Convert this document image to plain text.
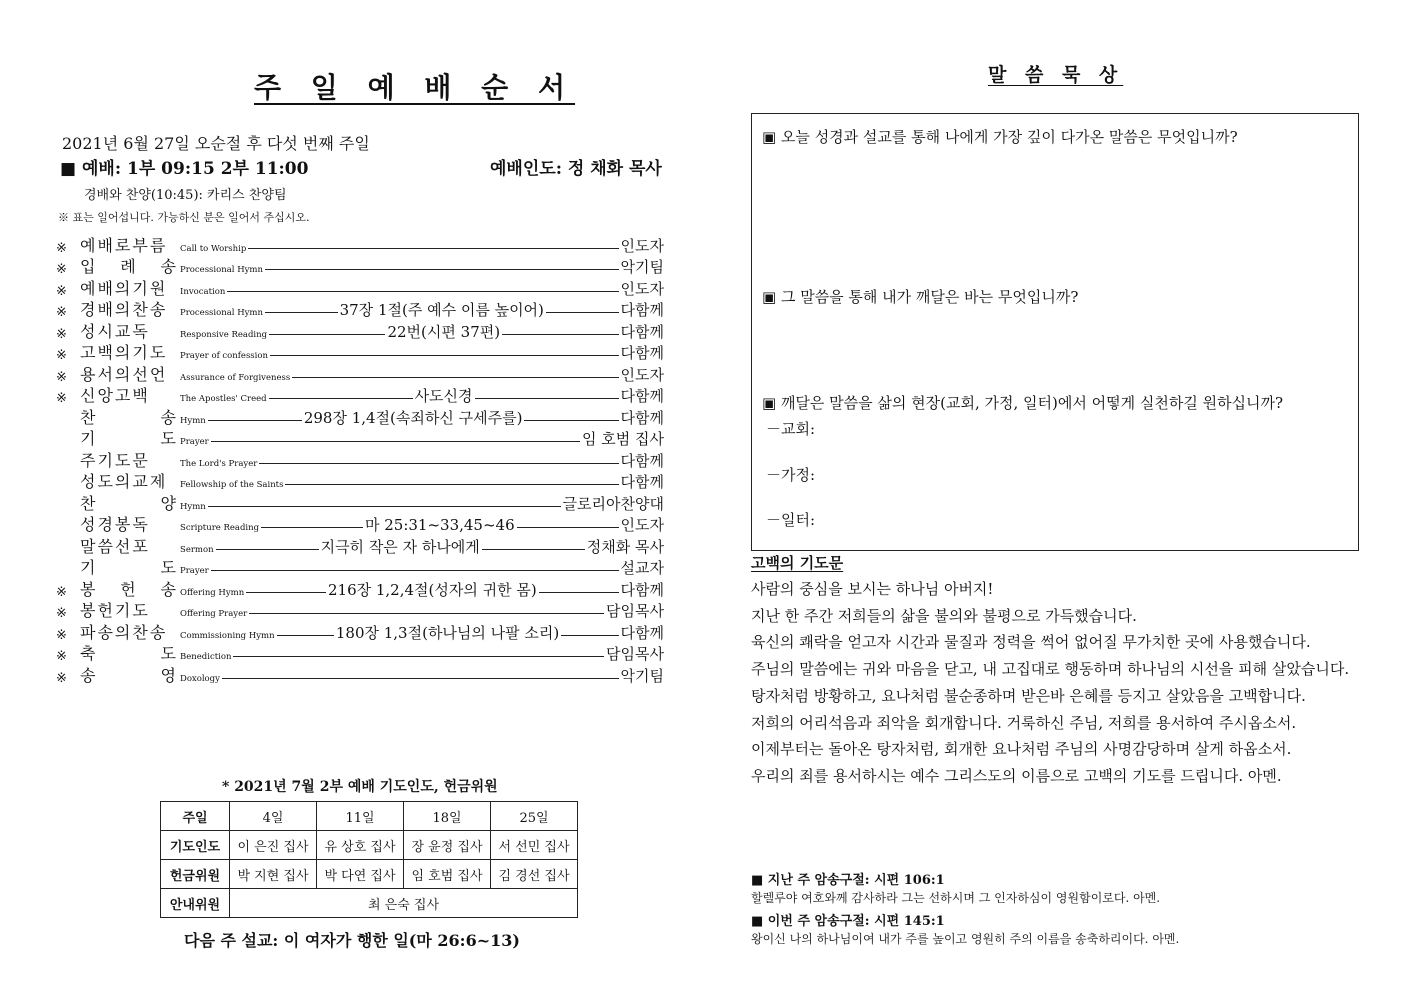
주 일 예 배 순 서
2021년 6월 27일 오순절 후 다섯 번째 주일
■ 예배: 1부 09:15 2부 11:00	예배인도: 정 채화 목사
경배와 찬양(10:45): 카리스 찬양팀
※ 표는 일어섭니다. 가능하신 분은 일어서 주십시오.
※ 예배로부름	Call to Worship	인도자
※ 입 례 송 Processional Hymn	악기팀
※ 예배의기원	Invocation	인도자
※ 경배의찬송	Processional Hymn	37장 1절(주 예수 이름 높이어)	다함께
※ 성시교독	Responsive Reading	22번(시편 37편)	다함께
※ 고백의기도	Prayer of confession	다함께
※ 용서의선언	Assurance of Forgiveness	인도자
※ 신앙고백	The Apostles' Creed	사도신경	다함께
찬 송 Hymn	298장 1,4절(속죄하신 구세주를)	다함께
기 도 Prayer	임 호범 집사
주기도문	The Lord's Prayer	다함께
성도의교제	Fellowship of the Saints	다함께
찬 양 Hymn	글로리아찬양대
성경봉독	Scripture Reading	마 25:31~33,45~46	인도자
말씀선포	Sermon	지극히 작은 자 하나에게	정채화 목사
기 도 Prayer	설교자
※ 봉 헌 송 Offering Hymn	216장 1,2,4절(성자의 귀한 몸)	다함께
※ 봉헌기도	Offering Prayer	담임목사
※ 파송의찬송	Commissioning Hymn	180장 1,3절(하나님의 나팔 소리)	다함께
※ 축 도 Benediction	담임목사
※ 송 영 Doxology	악기팀
* 2021년 7월 2부 예배 기도인도, 헌금위원
주일	4일	11일	18일	25일
기도인도	이 은진 집사	유 상호 집사	장 윤정 집사	서 선민 집사
헌금위원	박 지현 집사	박 다연 집사	임 호범 집사	김 경선 집사
안내위원	최 은숙 집사			
다음 주 설교: 이 여자가 행한 일(마 26:6~13)
말 씀 묵 상
▣ 오늘 성경과 설교를 통해 나에게 가장 깊이 다가온 말씀은 무엇입니까?
▣ 그 말씀을 통해 내가 깨달은 바는 무엇입니까?
▣ 깨달은 말씀을 삶의 현장(교회, 가정, 일터)에서 어떻게 실천하길 원하십니까?
－교회:
－가정:
－일터:
고백의 기도문
사람의 중심을 보시는 하나님 아버지!
지난 한 주간 저희들의 삶을 불의와 불평으로 가득했습니다.
육신의 쾌락을 얻고자 시간과 물질과 정력을 썩어 없어질 무가치한 곳에 사용했습니다.
주님의 말씀에는 귀와 마음을 닫고, 내 고집대로 행동하며 하나님의 시선을 피해 살았습니다.
탕자처럼 방황하고, 요나처럼 불순종하며 받은바 은혜를 등지고 살았음을 고백합니다.
저희의 어리석음과 죄악을 회개합니다. 거룩하신 주님, 저희를 용서하여 주시옵소서.
이제부터는 돌아온 탕자처럼, 회개한 요나처럼 주님의 사명감당하며 살게 하옵소서.
우리의 죄를 용서하시는 예수 그리스도의 이름으로 고백의 기도를 드립니다. 아멘.
■ 지난 주 암송구절: 시편 106:1
할렐루야 여호와께 감사하라 그는 선하시며 그 인자하심이 영원함이로다. 아멘.
■ 이번 주 암송구절: 시편 145:1
왕이신 나의 하나님이여 내가 주를 높이고 영원히 주의 이름을 송축하리이다. 아멘.
